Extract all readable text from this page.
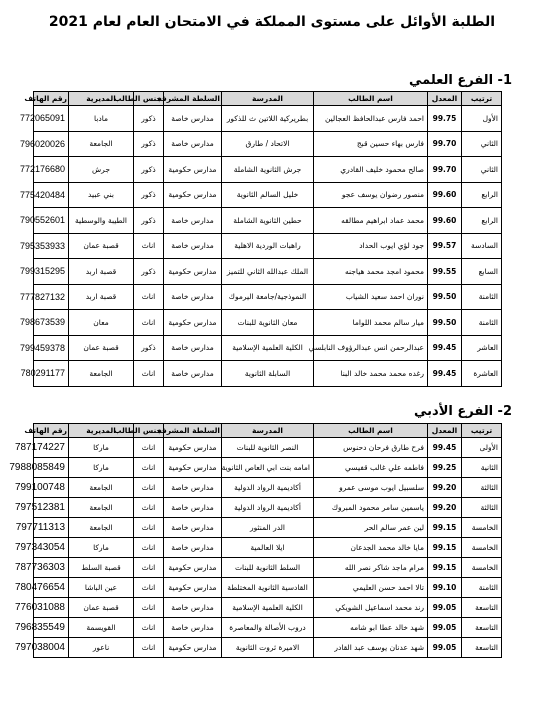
الطلبة الأوائل على مستوى المملكة في الامتحان العام لعام 2021
1- الفرع العلمي
ترتيب	المعدل	اسم الطالب	المدرسة	السلطة المشرفة	جنس الطالب	المديرية	رقم الهاتف
الأول	99.75	احمد فارس عبدالحافظ العجالين	بطريركية اللاتين ث للذكور	مدارس خاصة	ذكور	مادبا	772065091
الثاني	99.70	فارس بهاء حسين قبج	الاتحاد / طارق	مدارس خاصة	ذكور	الجامعة	796020026
الثاني	99.70	صالح محمود خليف القادري	جرش الثانوية الشاملة	مدارس حكومية	ذكور	جرش	772176680
الرابع	99.60	منصور رضوان يوسف عجو	خليل السالم الثانوية	مدارس حكومية	ذكور	بني عبيد	775420484
الرابع	99.60	محمد عماد ابراهيم مطالقه	حطين الثانوية الشاملة	مدارس خاصة	ذكور	الطيبة والوسطية	790552601
السادسة	99.57	جود لؤي ايوب الحداد	راهبات الوردية الاهلية	مدارس خاصة	اناث	قصبة عمان	795353933
السابع	99.55	محمود امجد محمد هياجنه	الملك عبدالله الثاني للتميز	مدارس حكومية	ذكور	قصبة اربد	799315295
الثامنة	99.50	نوران احمد سعيد الشياب	النموذجية/جامعة اليرموك	مدارس خاصة	اناث	قصبة اربد	777827132
الثامنة	99.50	ميار سالم محمد اللواما	معان الثانوية للبنات	مدارس حكومية	اناث	معان	798673539
العاشر	99.45	عبدالرحمن انس عبدالرؤوف النابلسي	الكلية العلمية الإسلامية	مدارس خاصة	ذكور	قصبة عمان	799459378
العاشرة	99.45	رغده محمد محمد خالد البنا	السابلة الثانوية	مدارس خاصة	اناث	الجامعة	780291177
2- الفرع الأدبي
ترتيب	المعدل	اسم الطالب	المدرسة	السلطة المشرفة	جنس الطالب	المديرية	رقم الهاتف
الأولى	99.45	فرح طارق فرحان دحنوس	النصر الثانوية للبنات	مدارس حكومية	اناث	ماركا	787174227
الثانية	99.25	فاطمه علي غالب قفيسي	امامه بنت ابي العاص الثانوية	مدارس حكومية	اناث	ماركا	7988085849
الثالثة	99.20	سلسبيل ايوب موسى عمرو	أكاديمية الرواد الدولية	مدارس خاصة	اناث	الجامعة	799100748
الثالثة	99.20	ياسمين سامر محمود المبروك	أكاديمية الرواد الدولية	مدارس خاصة	اناث	الجامعة	797512381
الخامسة	99.15	لين عمر سالم الحر	الدر المنثور	مدارس خاصة	اناث	الجامعة	797711313
الخامسة	99.15	مايا خالد محمد الجدعان	ايلا العالمية	مدارس خاصة	اناث	ماركا	797343054
الخامسة	99.15	مرام ماجد شاكر نصر الله	السلط الثانوية للبنات	مدارس حكومية	اناث	قصبة السلط	787736303
الثامنة	99.10	تالا احمد حسن العليمي	القادسية الثانوية المختلطة	مدارس حكومية	اناث	عين الباشا	780476654
التاسعة	99.05	رند محمد اسماعيل الشويكي	الكلية العلمية الإسلامية	مدارس خاصة	اناث	قصبة عمان	776031088
التاسعة	99.05	شهد خالد عطا ابو شامه	دروب الأصالة والمعاصرة	مدارس خاصة	اناث	القويسمة	796835549
التاسعة	99.05	شهد عدنان يوسف عبد القادر	الاميرة ثروت الثانوية	مدارس حكومية	اناث	ناعور	797038004
